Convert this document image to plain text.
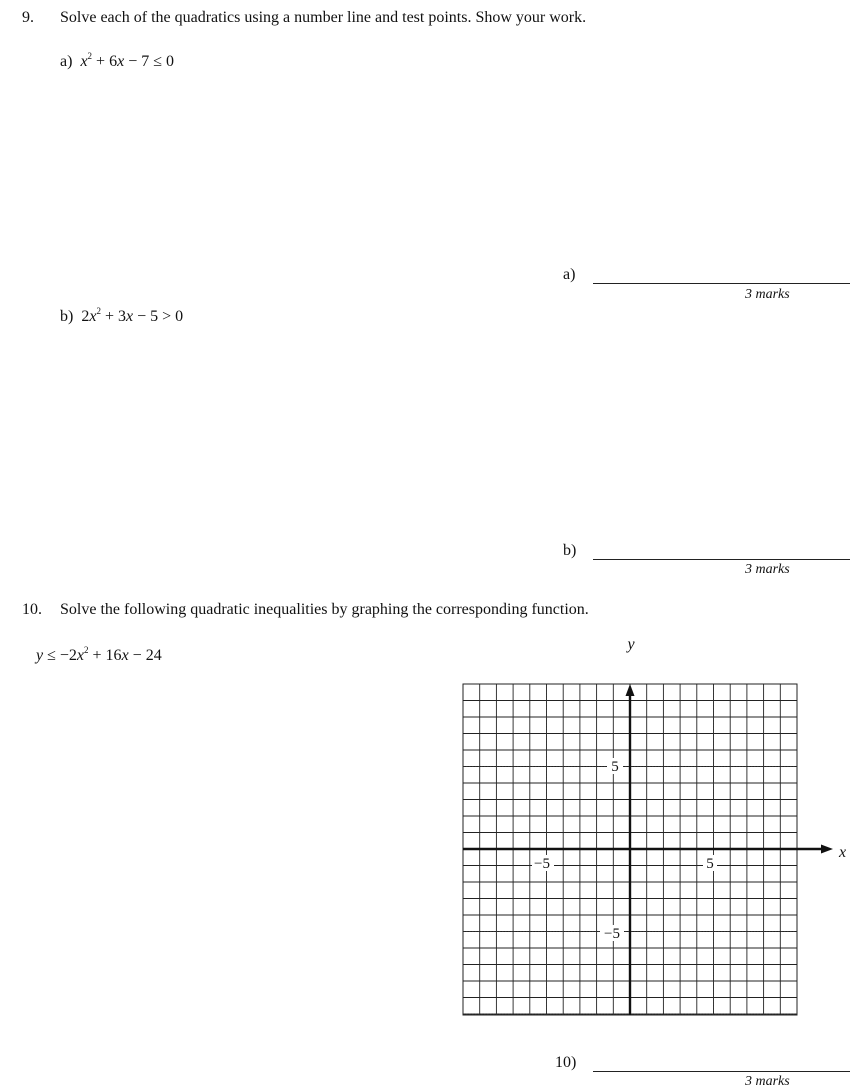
9. Solve each of the quadratics using a number line and test points. Show your work.
a) $x^2 + 6x - 7 \le 0$
a)
3 marks
b) $2x^2 + 3x - 5 > 0$
b)
3 marks
10. Solve the following quadratic inequalities by graphing the corresponding function.
$y \le -2x^2 + 16x - 24$
−5	5
5
−5
x
y
10)
3 marks
